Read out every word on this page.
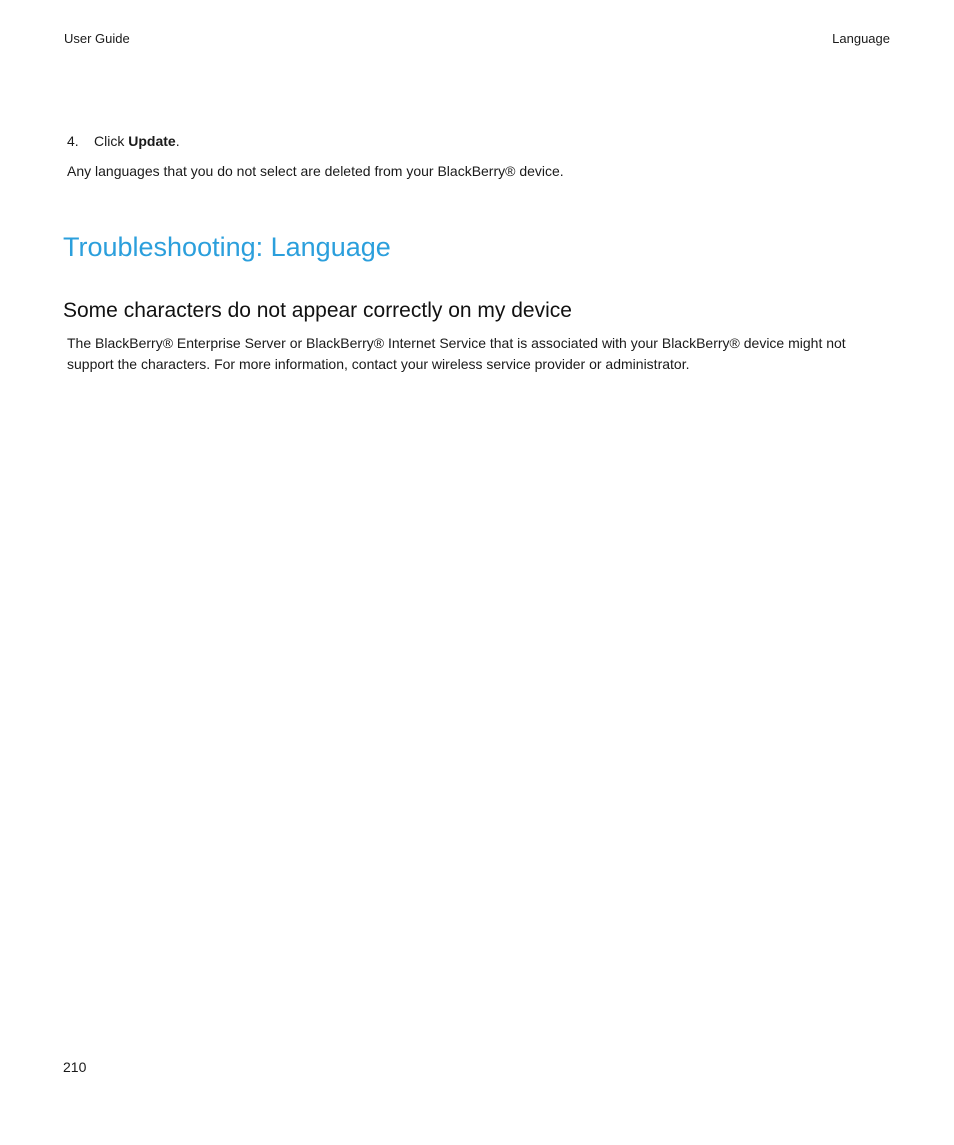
User Guide	Language
4. Click Update.
Any languages that you do not select are deleted from your BlackBerry® device.
Troubleshooting: Language
Some characters do not appear correctly on my device

The BlackBerry® Enterprise Server or BlackBerry® Internet Service that is associated with your BlackBerry® device might not support the characters. For more information, contact your wireless service provider or administrator.

210
